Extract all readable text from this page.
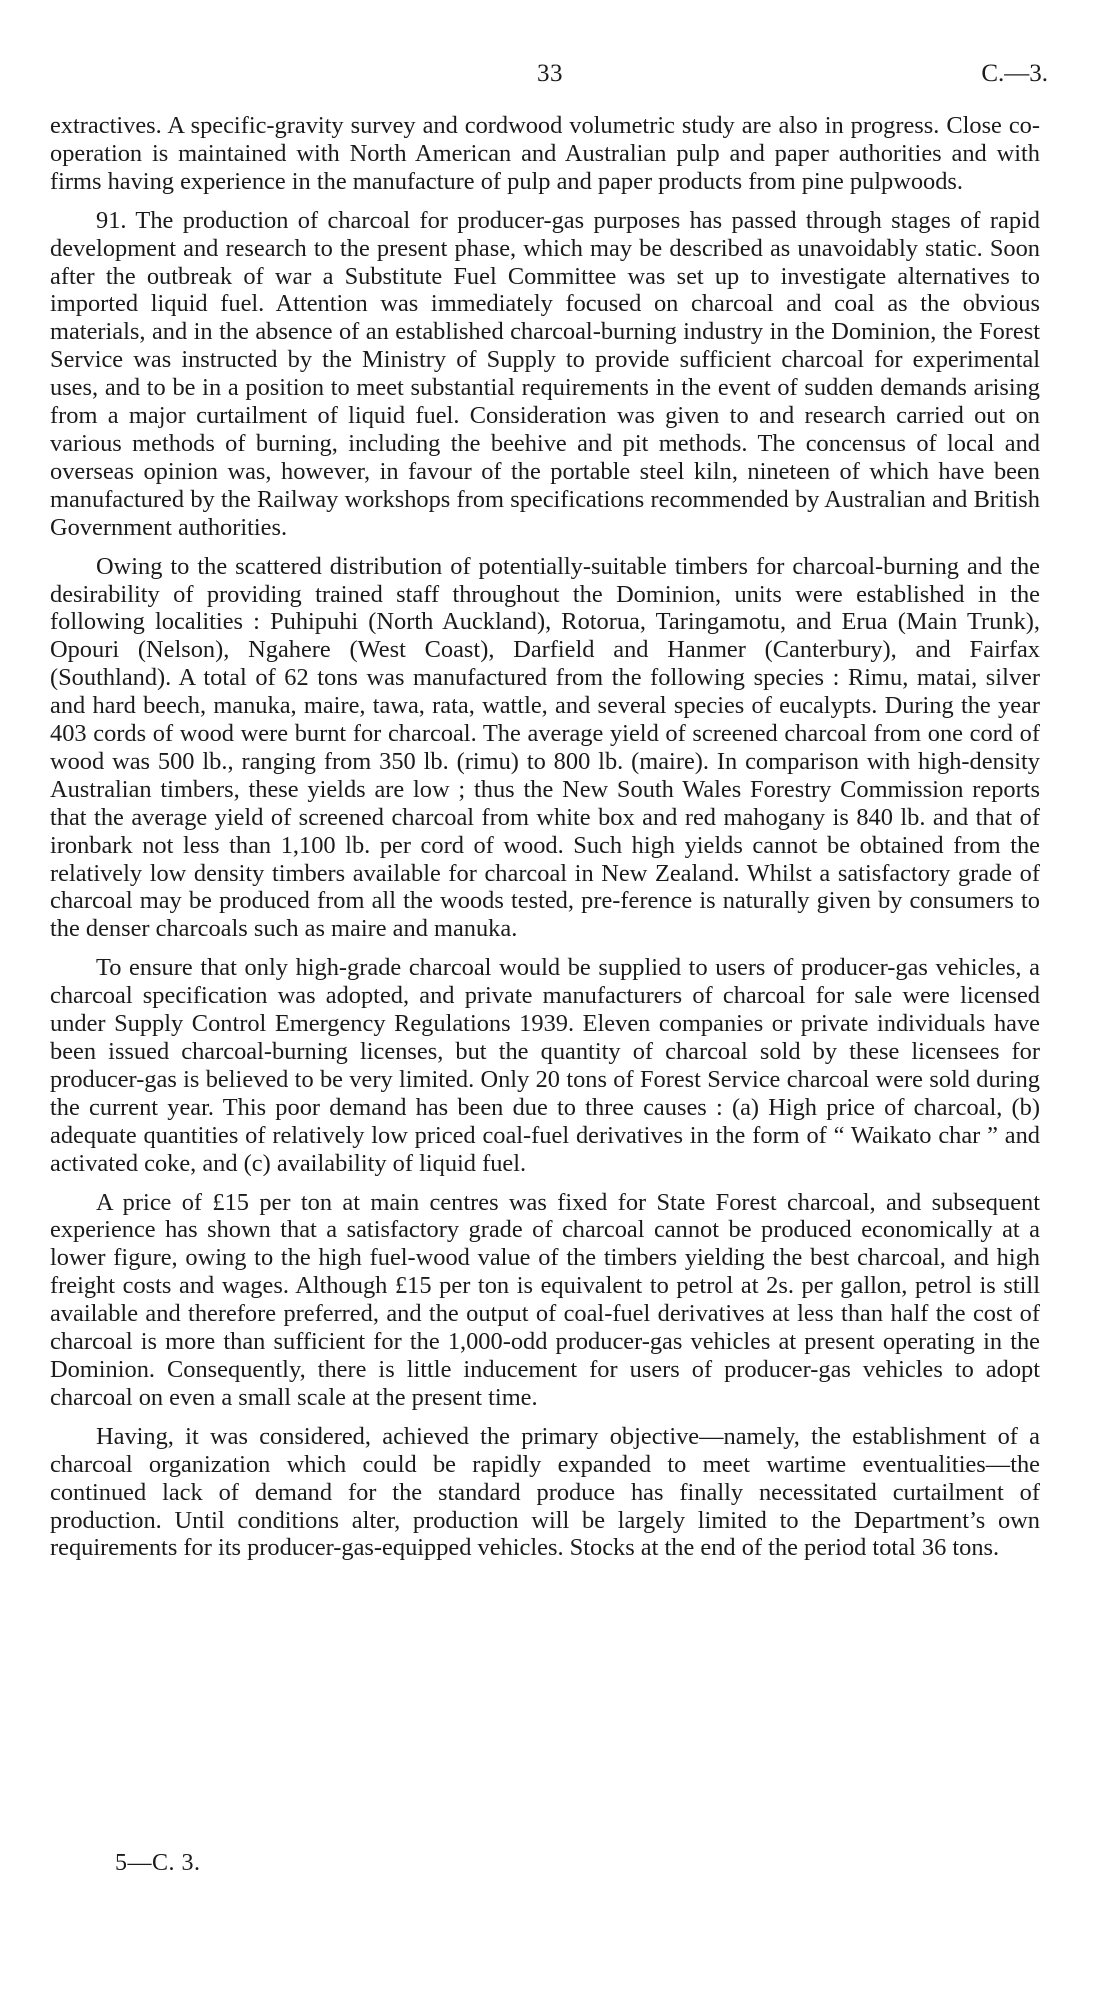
33	C.—3.

extractives. A specific-gravity survey and cordwood volumetric study are also in progress. Close co-operation is maintained with North American and Australian pulp and paper authorities and with firms having experience in the manufacture of pulp and paper products from pine pulpwoods.

91. The production of charcoal for producer-gas purposes has passed through stages of rapid development and research to the present phase, which may be described as unavoidably static. Soon after the outbreak of war a Substitute Fuel Committee was set up to investigate alternatives to imported liquid fuel. Attention was immediately focused on charcoal and coal as the obvious materials, and in the absence of an established charcoal-burning industry in the Dominion, the Forest Service was instructed by the Ministry of Supply to provide sufficient charcoal for experimental uses, and to be in a position to meet substantial requirements in the event of sudden demands arising from a major curtailment of liquid fuel. Consideration was given to and research carried out on various methods of burning, including the beehive and pit methods. The concensus of local and overseas opinion was, however, in favour of the portable steel kiln, nineteen of which have been manufactured by the Railway workshops from specifications recommended by Australian and British Government authorities.

Owing to the scattered distribution of potentially-suitable timbers for charcoal-burning and the desirability of providing trained staff throughout the Dominion, units were established in the following localities : Puhipuhi (North Auckland), Rotorua, Taringamotu, and Erua (Main Trunk), Opouri (Nelson), Ngahere (West Coast), Darfield and Hanmer (Canterbury), and Fairfax (Southland). A total of 62 tons was manufactured from the following species : Rimu, matai, silver and hard beech, manuka, maire, tawa, rata, wattle, and several species of eucalypts. During the year 403 cords of wood were burnt for charcoal. The average yield of screened charcoal from one cord of wood was 500 lb., ranging from 350 lb. (rimu) to 800 lb. (maire). In comparison with high-density Australian timbers, these yields are low ; thus the New South Wales Forestry Commission reports that the average yield of screened charcoal from white box and red mahogany is 840 lb. and that of ironbark not less than 1,100 lb. per cord of wood. Such high yields cannot be obtained from the relatively low density timbers available for charcoal in New Zealand. Whilst a satisfactory grade of charcoal may be produced from all the woods tested, pre-ference is naturally given by consumers to the denser charcoals such as maire and manuka.

To ensure that only high-grade charcoal would be supplied to users of producer-gas vehicles, a charcoal specification was adopted, and private manufacturers of charcoal for sale were licensed under Supply Control Emergency Regulations 1939. Eleven companies or private individuals have been issued charcoal-burning licenses, but the quantity of charcoal sold by these licensees for producer-gas is believed to be very limited. Only 20 tons of Forest Service charcoal were sold during the current year. This poor demand has been due to three causes : (a) High price of charcoal, (b) adequate quantities of relatively low priced coal-fuel derivatives in the form of “ Waikato char ” and activated coke, and (c) availability of liquid fuel.

A price of £15 per ton at main centres was fixed for State Forest charcoal, and subsequent experience has shown that a satisfactory grade of charcoal cannot be produced economically at a lower figure, owing to the high fuel-wood value of the timbers yielding the best charcoal, and high freight costs and wages. Although £15 per ton is equivalent to petrol at 2s. per gallon, petrol is still available and therefore preferred, and the output of coal-fuel derivatives at less than half the cost of charcoal is more than sufficient for the 1,000-odd producer-gas vehicles at present operating in the Dominion. Consequently, there is little inducement for users of producer-gas vehicles to adopt charcoal on even a small scale at the present time.

Having, it was considered, achieved the primary objective—namely, the establishment of a charcoal organization which could be rapidly expanded to meet wartime eventualities—the continued lack of demand for the standard produce has finally necessitated curtailment of production. Until conditions alter, production will be largely limited to the Department’s own requirements for its producer-gas-equipped vehicles. Stocks at the end of the period total 36 tons.

5—C. 3.
